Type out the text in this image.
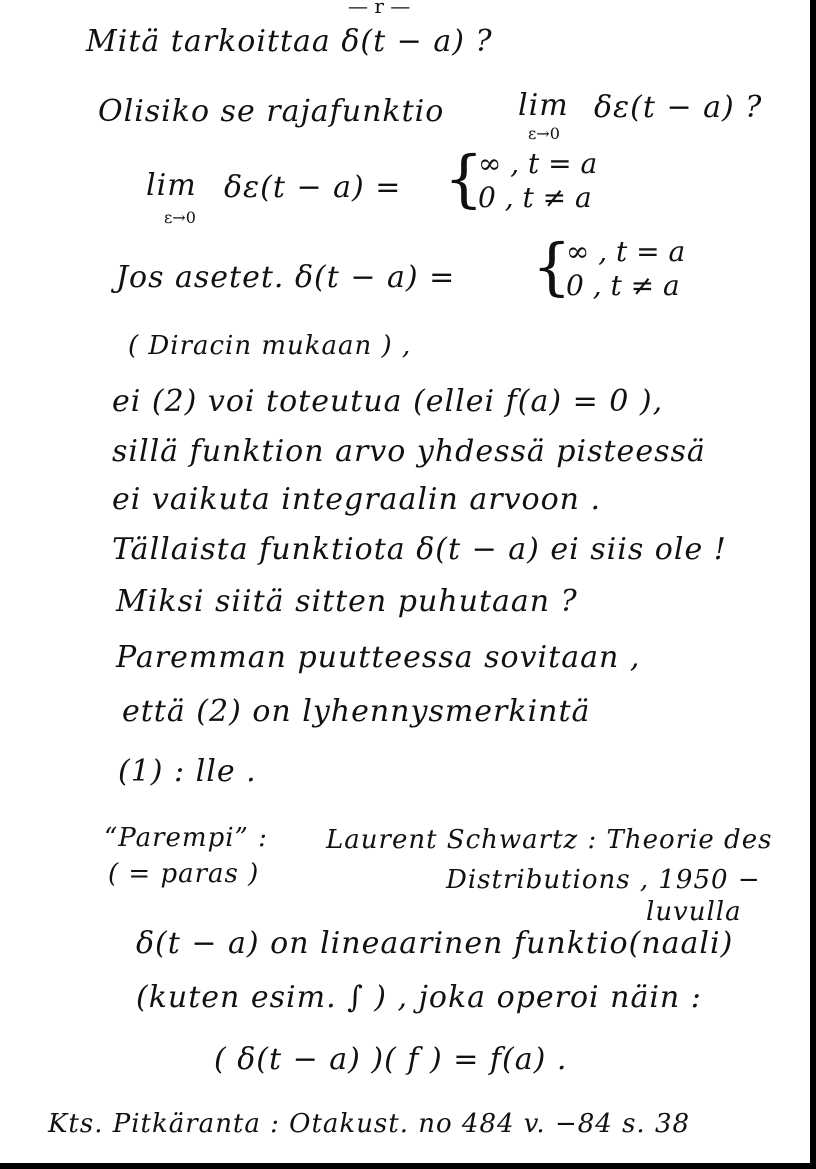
— r —
Mitä tarkoittaa δ(t − a) ?
Olisiko se rajafunktio lim
ε→0
δε(t − a) ?
lim
ε→0
δε(t − a) = {
∞ , t = a
0 , t ≠ a
Jos asetet. δ(t − a) = {
∞ , t = a
0 , t ≠ a
( Diracin mukaan ) ,
ei (2) voi toteutua (ellei f(a) = 0 ),
sillä funktion arvo yhdessä pisteessä
ei vaikuta integraalin arvoon .
Tällaista funktiota δ(t − a) ei siis ole !
Miksi siitä sitten puhutaan ?
Paremman puutteessa sovitaan ,
että (2) on lyhennysmerkintä
(1) : lle .
“Parempi” : Laurent Schwartz : Theorie des
( = paras )	Distributions , 1950 −
luvulla
δ(t − a) on lineaarinen funktio(naali)
(kuten esim. ∫ ) , joka operoi näin :
( δ(t − a) )( f ) = f(a) .
Kts. Pitkäranta : Otakust. no 484 v. −84 s. 38
